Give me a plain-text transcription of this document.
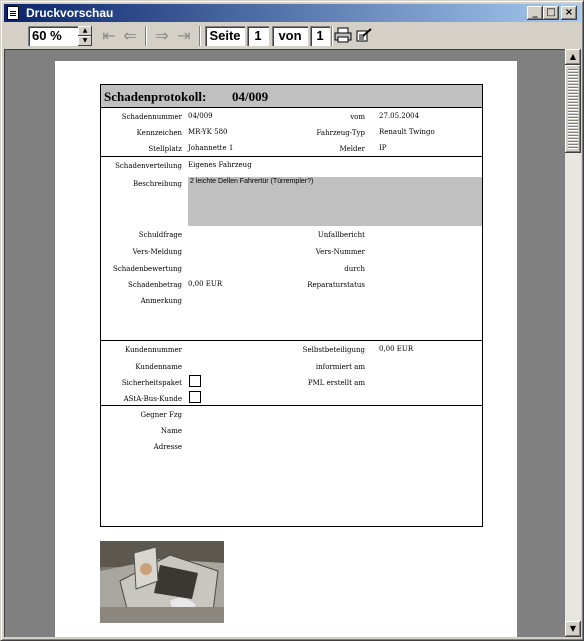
Druckvorschau	_ □ ×
60 %	▲
▼ ⇤ ⇐ ⇒ ⇥	Seite	1	von	1
Schadenprotokoll: 04/009
Schadennummer 04/009	vom 27.05.2004
Kennzeichen MR-YK 580	Fahrzeug-Typ Renault Twingo
Stellplatz Johannette 1	Melder IP
Schadenverteilung Eigenes Fahrzeug
Beschreibung 2 leichte Dellen Fahrertür (Türrempler?)
Schuldfrage	Unfallbericht
Vers-Meldung	Vers-Nummer
Schadenbewertung	durch
Schadenbetrag 0,00 EUR	Reparaturstatus
Anmerkung
Kundennummer	Selbstbeteiligung 0,00 EUR
Kundenname	informiert am
Sicherheitspaket	PML erstellt am
AStA-Bus-Kunde
Gegner Fzg
Name
Adresse
▲
▼
